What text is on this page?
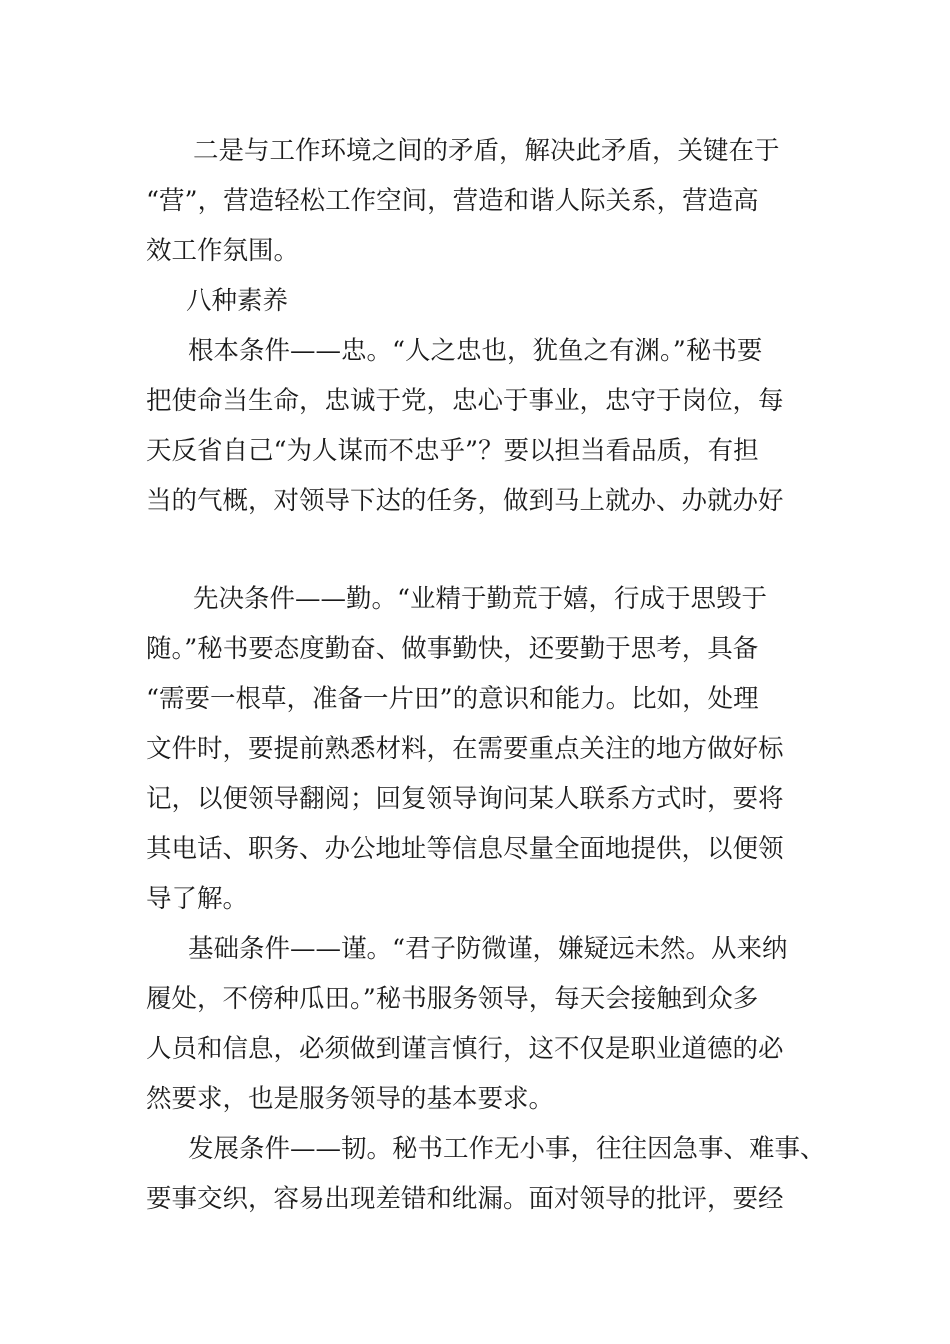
二是与工作环境之间的矛盾，解决此矛盾，关键在于
“营”，营造轻松工作空间，营造和谐人际关系，营造高
效工作氛围。
八种素养
根本条件——忠。“人之忠也，犹鱼之有渊。”秘书要
把使命当生命，忠诚于党，忠心于事业，忠守于岗位，每
天反省自己“为人谋而不忠乎”？要以担当看品质，有担
当的气概，对领导下达的任务，做到马上就办、办就办好
先决条件——勤。“业精于勤荒于嬉，行成于思毁于
随。”秘书要态度勤奋、做事勤快，还要勤于思考，具备
“需要一根草，准备一片田”的意识和能力。比如，处理
文件时，要提前熟悉材料，在需要重点关注的地方做好标
记，以便领导翻阅；回复领导询问某人联系方式时，要将
其电话、职务、办公地址等信息尽量全面地提供，以便领
导了解。
基础条件——谨。“君子防微谨，嫌疑远未然。从来纳
履处，不傍种瓜田。”秘书服务领导，每天会接触到众多
人员和信息，必须做到谨言慎行，这不仅是职业道德的必
然要求，也是服务领导的基本要求。
发展条件——韧。秘书工作无小事，往往因急事、难事、
要事交织，容易出现差错和纰漏。面对领导的批评，要经
